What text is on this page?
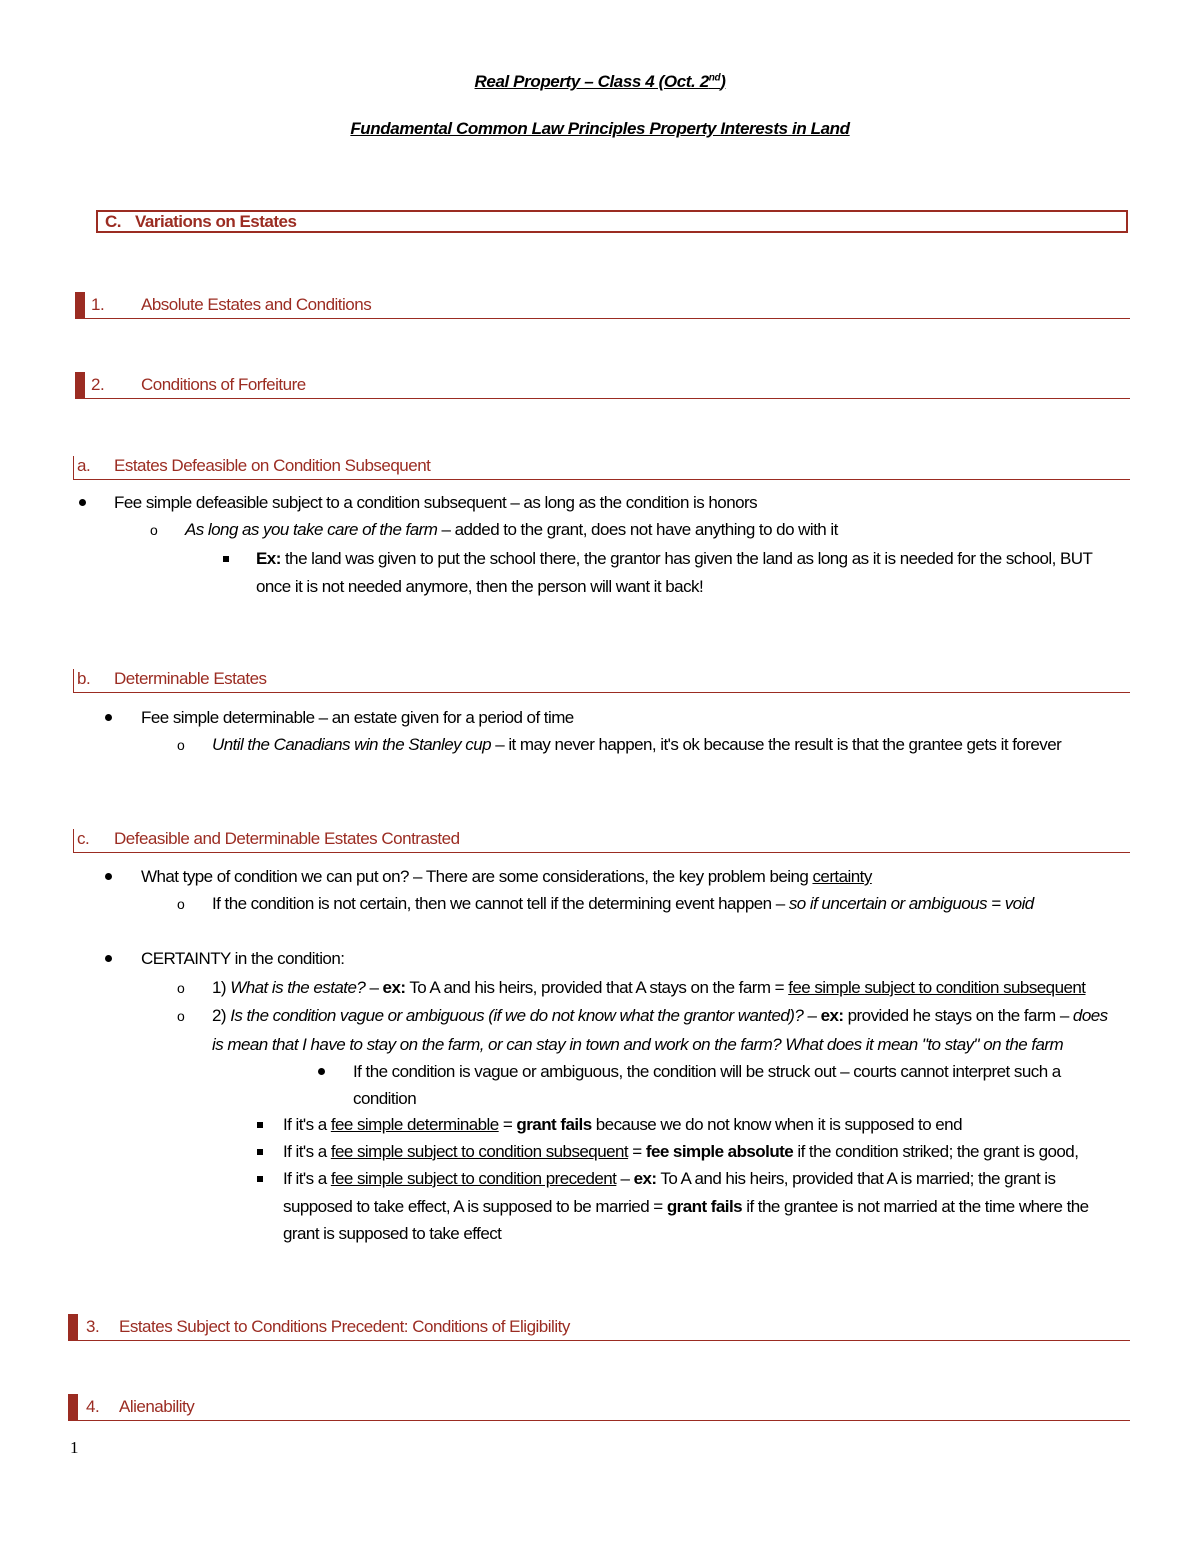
Real Property – Class 4 (Oct. 2nd)
Fundamental Common Law Principles Property Interests in Land
C. Variations on Estates
1. Absolute Estates and Conditions
2. Conditions of Forfeiture
a. Estates Defeasible on Condition Subsequent
Fee simple defeasible subject to a condition subsequent – as long as the condition is honors
o As long as you take care of the farm – added to the grant, does not have anything to do with it
Ex: the land was given to put the school there, the grantor has given the land as long as it is needed for the school, BUT
once it is not needed anymore, then the person will want it back!
b. Determinable Estates
Fee simple determinable – an estate given for a period of time
o Until the Canadians win the Stanley cup – it may never happen, it's ok because the result is that the grantee gets it forever
c. Defeasible and Determinable Estates Contrasted
What type of condition we can put on? – There are some considerations, the key problem being certainty
o If the condition is not certain, then we cannot tell if the determining event happen – so if uncertain or ambiguous = void
CERTAINTY in the condition:
o 1) What is the estate? – ex: To A and his heirs, provided that A stays on the farm = fee simple subject to condition subsequent
o 2) Is the condition vague or ambiguous (if we do not know what the grantor wanted)? – ex: provided he stays on the farm – does
is mean that I have to stay on the farm, or can stay in town and work on the farm? What does it mean "to stay" on the farm
If the condition is vague or ambiguous, the condition will be struck out – courts cannot interpret such a
condition
If it's a fee simple determinable = grant fails because we do not know when it is supposed to end
If it's a fee simple subject to condition subsequent = fee simple absolute if the condition striked; the grant is good,
If it's a fee simple subject to condition precedent – ex: To A and his heirs, provided that A is married; the grant is
supposed to take effect, A is supposed to be married = grant fails if the grantee is not married at the time where the
grant is supposed to take effect
3. Estates Subject to Conditions Precedent: Conditions of Eligibility
4. Alienability
1
